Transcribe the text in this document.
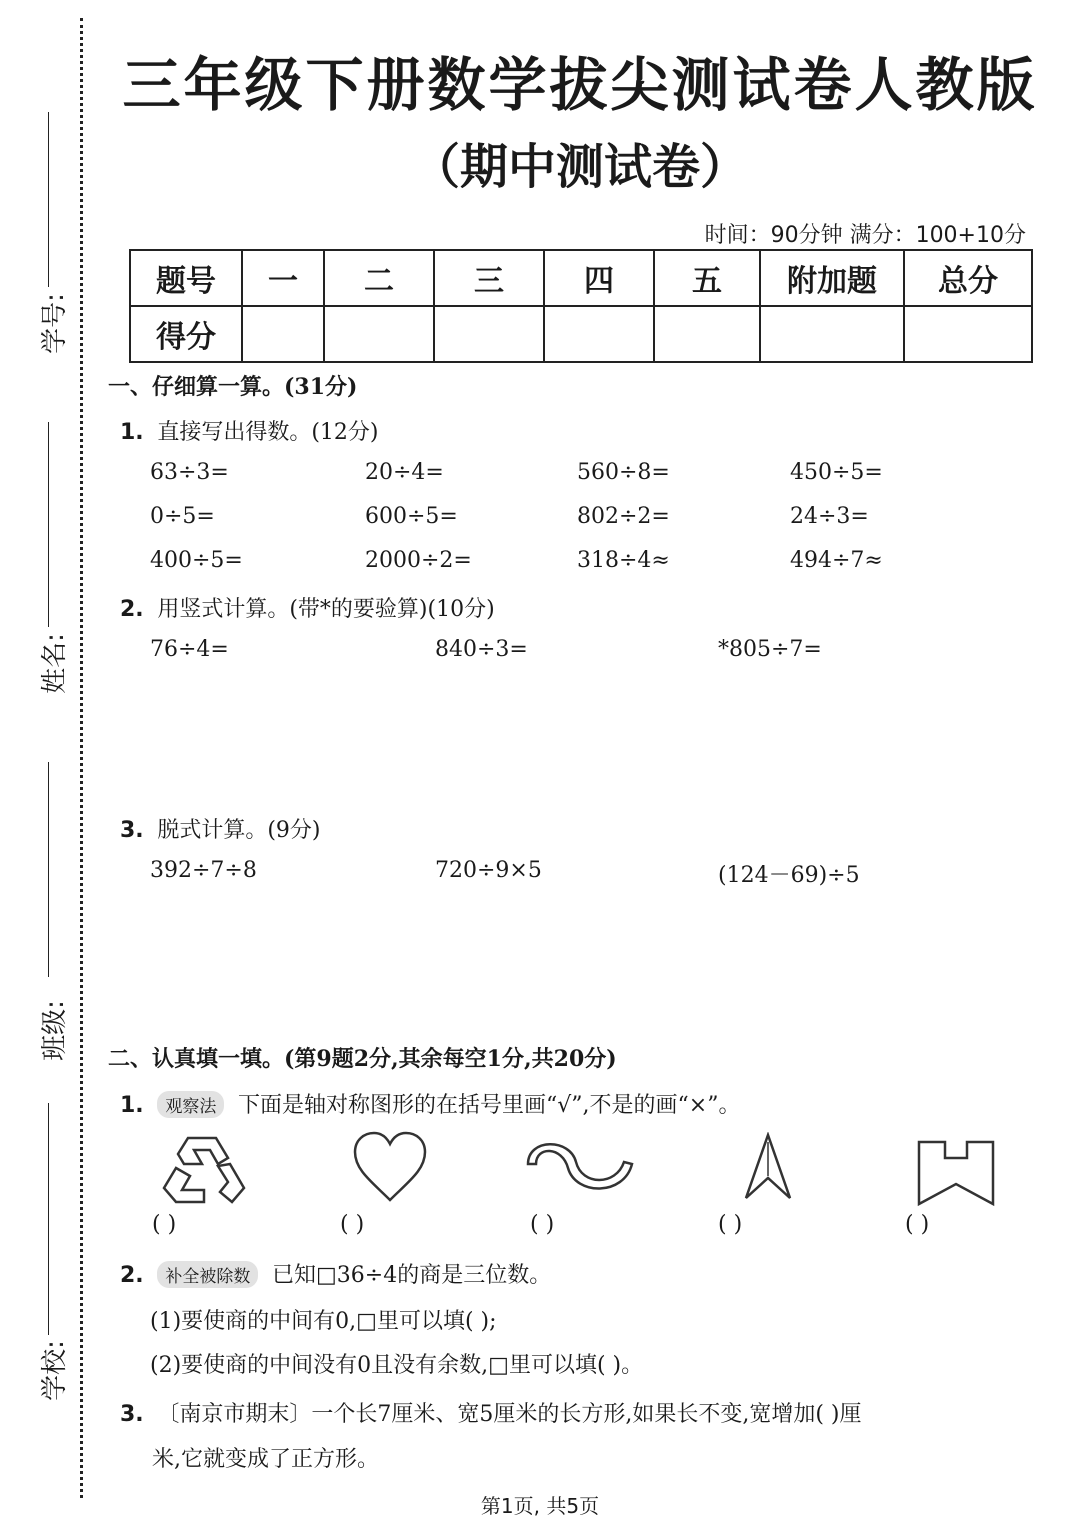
学号:
姓名:
班级:
学校:
三年级下册数学拔尖测试卷人教版
（期中测试卷）
时间：90分钟 满分：100+10分
题号	一	二	三	四	五	附加题	总分
得分							
一、仔细算一算。(31分)
1. 直接写出得数。(12分)
63÷3=	20÷4=	560÷8=	450÷5=
0÷5=	600÷5=	802÷2=	24÷3=
400÷5=	2000÷2=	318÷4≈	494÷7≈
2. 用竖式计算。(带*的要验算)(10分)
76÷4=	840÷3=	*805÷7=
3. 脱式计算。(9分)
392÷7÷8	720÷9×5	(124－69)÷5
二、认真填一填。(第9题2分,其余每空1分,共20分)
1. 观察法 下面是轴对称图形的在括号里画“√”,不是的画“×”。
( )	( )	( )	( )	( )
2. 补全被除数 已知□36÷4的商是三位数。
(1)要使商的中间有0,□里可以填( );
(2)要使商的中间没有0且没有余数,□里可以填( )。
3. 〔南京市期末〕一个长7厘米、宽5厘米的长方形,如果长不变,宽增加( )厘
米,它就变成了正方形。
第1页, 共5页
